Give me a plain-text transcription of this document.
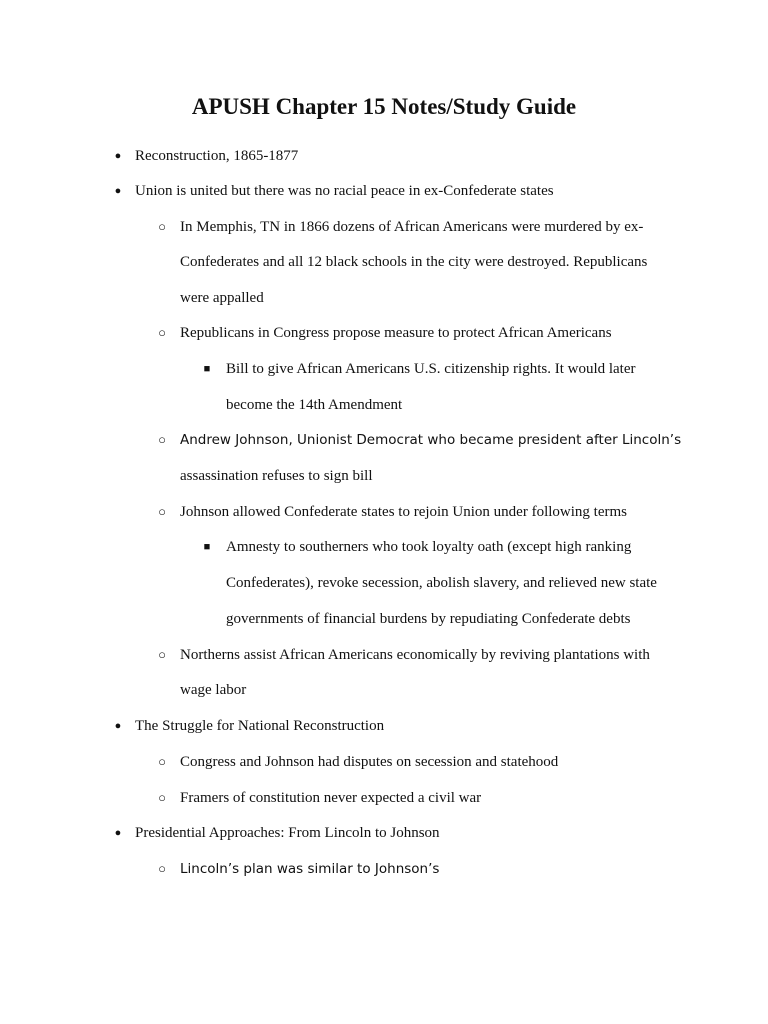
APUSH Chapter 15 Notes/Study Guide
● Reconstruction, 1865-1877
● Union is united but there was no racial peace in ex-Confederate states
○ In Memphis, TN in 1866 dozens of African Americans were murdered by ex-
Confederates and all 12 black schools in the city were destroyed. Republicans
were appalled
○ Republicans in Congress propose measure to protect African Americans
■ Bill to give African Americans U.S. citizenship rights. It would later
become the 14th Amendment
○ Andrew Johnson, Unionist Democrat who became president after Lincoln’s
assassination refuses to sign bill
○ Johnson allowed Confederate states to rejoin Union under following terms
■ Amnesty to southerners who took loyalty oath (except high ranking
Confederates), revoke secession, abolish slavery, and relieved new state
governments of financial burdens by repudiating Confederate debts
○ Northerns assist African Americans economically by reviving plantations with
wage labor
● The Struggle for National Reconstruction
○ Congress and Johnson had disputes on secession and statehood
○ Framers of constitution never expected a civil war
● Presidential Approaches: From Lincoln to Johnson
○ Lincoln’s plan was similar to Johnson’s
